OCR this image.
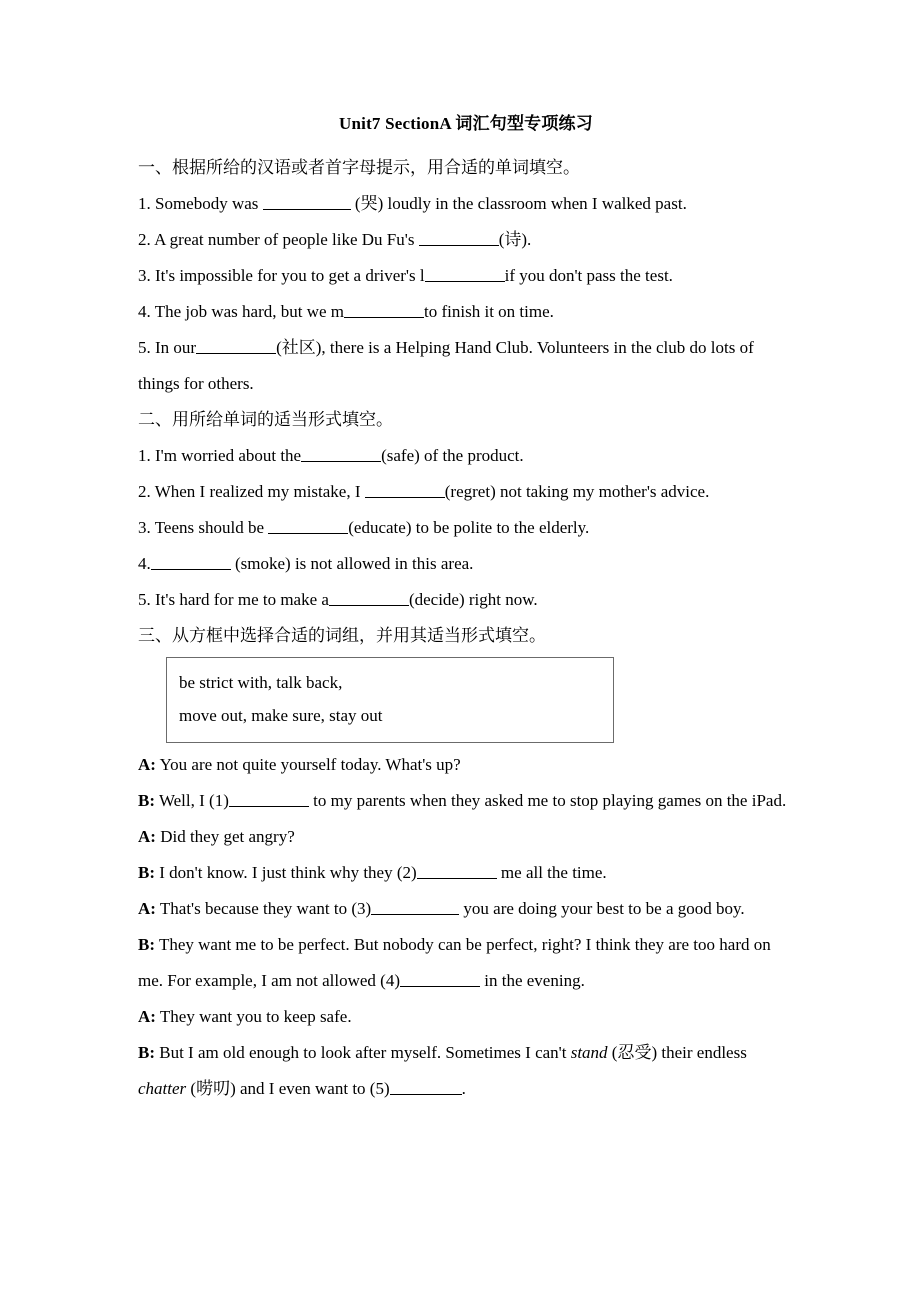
Unit7 SectionA 词汇句型专项练习

一、根据所给的汉语或者首字母提示，用合适的单词填空。

1. Somebody was	(哭) loudly in the classroom when I walked past.

2. A great number of people like Du Fu's	(诗).

3. It's impossible for you to get a driver's l	if you don't pass the test.

4. The job was hard, but we m	to finish it on time.

5. In our	(社区), there is a Helping Hand Club. Volunteers in the club do lots of things for others.

二、用所给单词的适当形式填空。

1. I'm worried about the	(safe) of the product.

2. When I realized my mistake, I	(regret) not taking my mother's advice.

3. Teens should be	(educate) to be polite to the elderly.

4.	(smoke) is not allowed in this area.

5. It's hard for me to make a	(decide) right now.

三、从方框中选择合适的词组，并用其适当形式填空。

be strict with, talk back,

move out, make sure, stay out

A: You are not quite yourself today. What's up?

B: Well, I (1)	to my parents when they asked me to stop playing games on the iPad.

A: Did they get angry?

B: I don't know. I just think why they (2)	me all the time.

A: That's because they want to (3)	you are doing your best to be a good boy.

B: They want me to be perfect. But nobody can be perfect, right? I think they are too hard on me. For example, I am not allowed (4)	in the evening.

A: They want you to keep safe.

B: But I am old enough to look after myself. Sometimes I can't stand (忍受) their endless chatter (唠叨) and I even want to (5)	.
